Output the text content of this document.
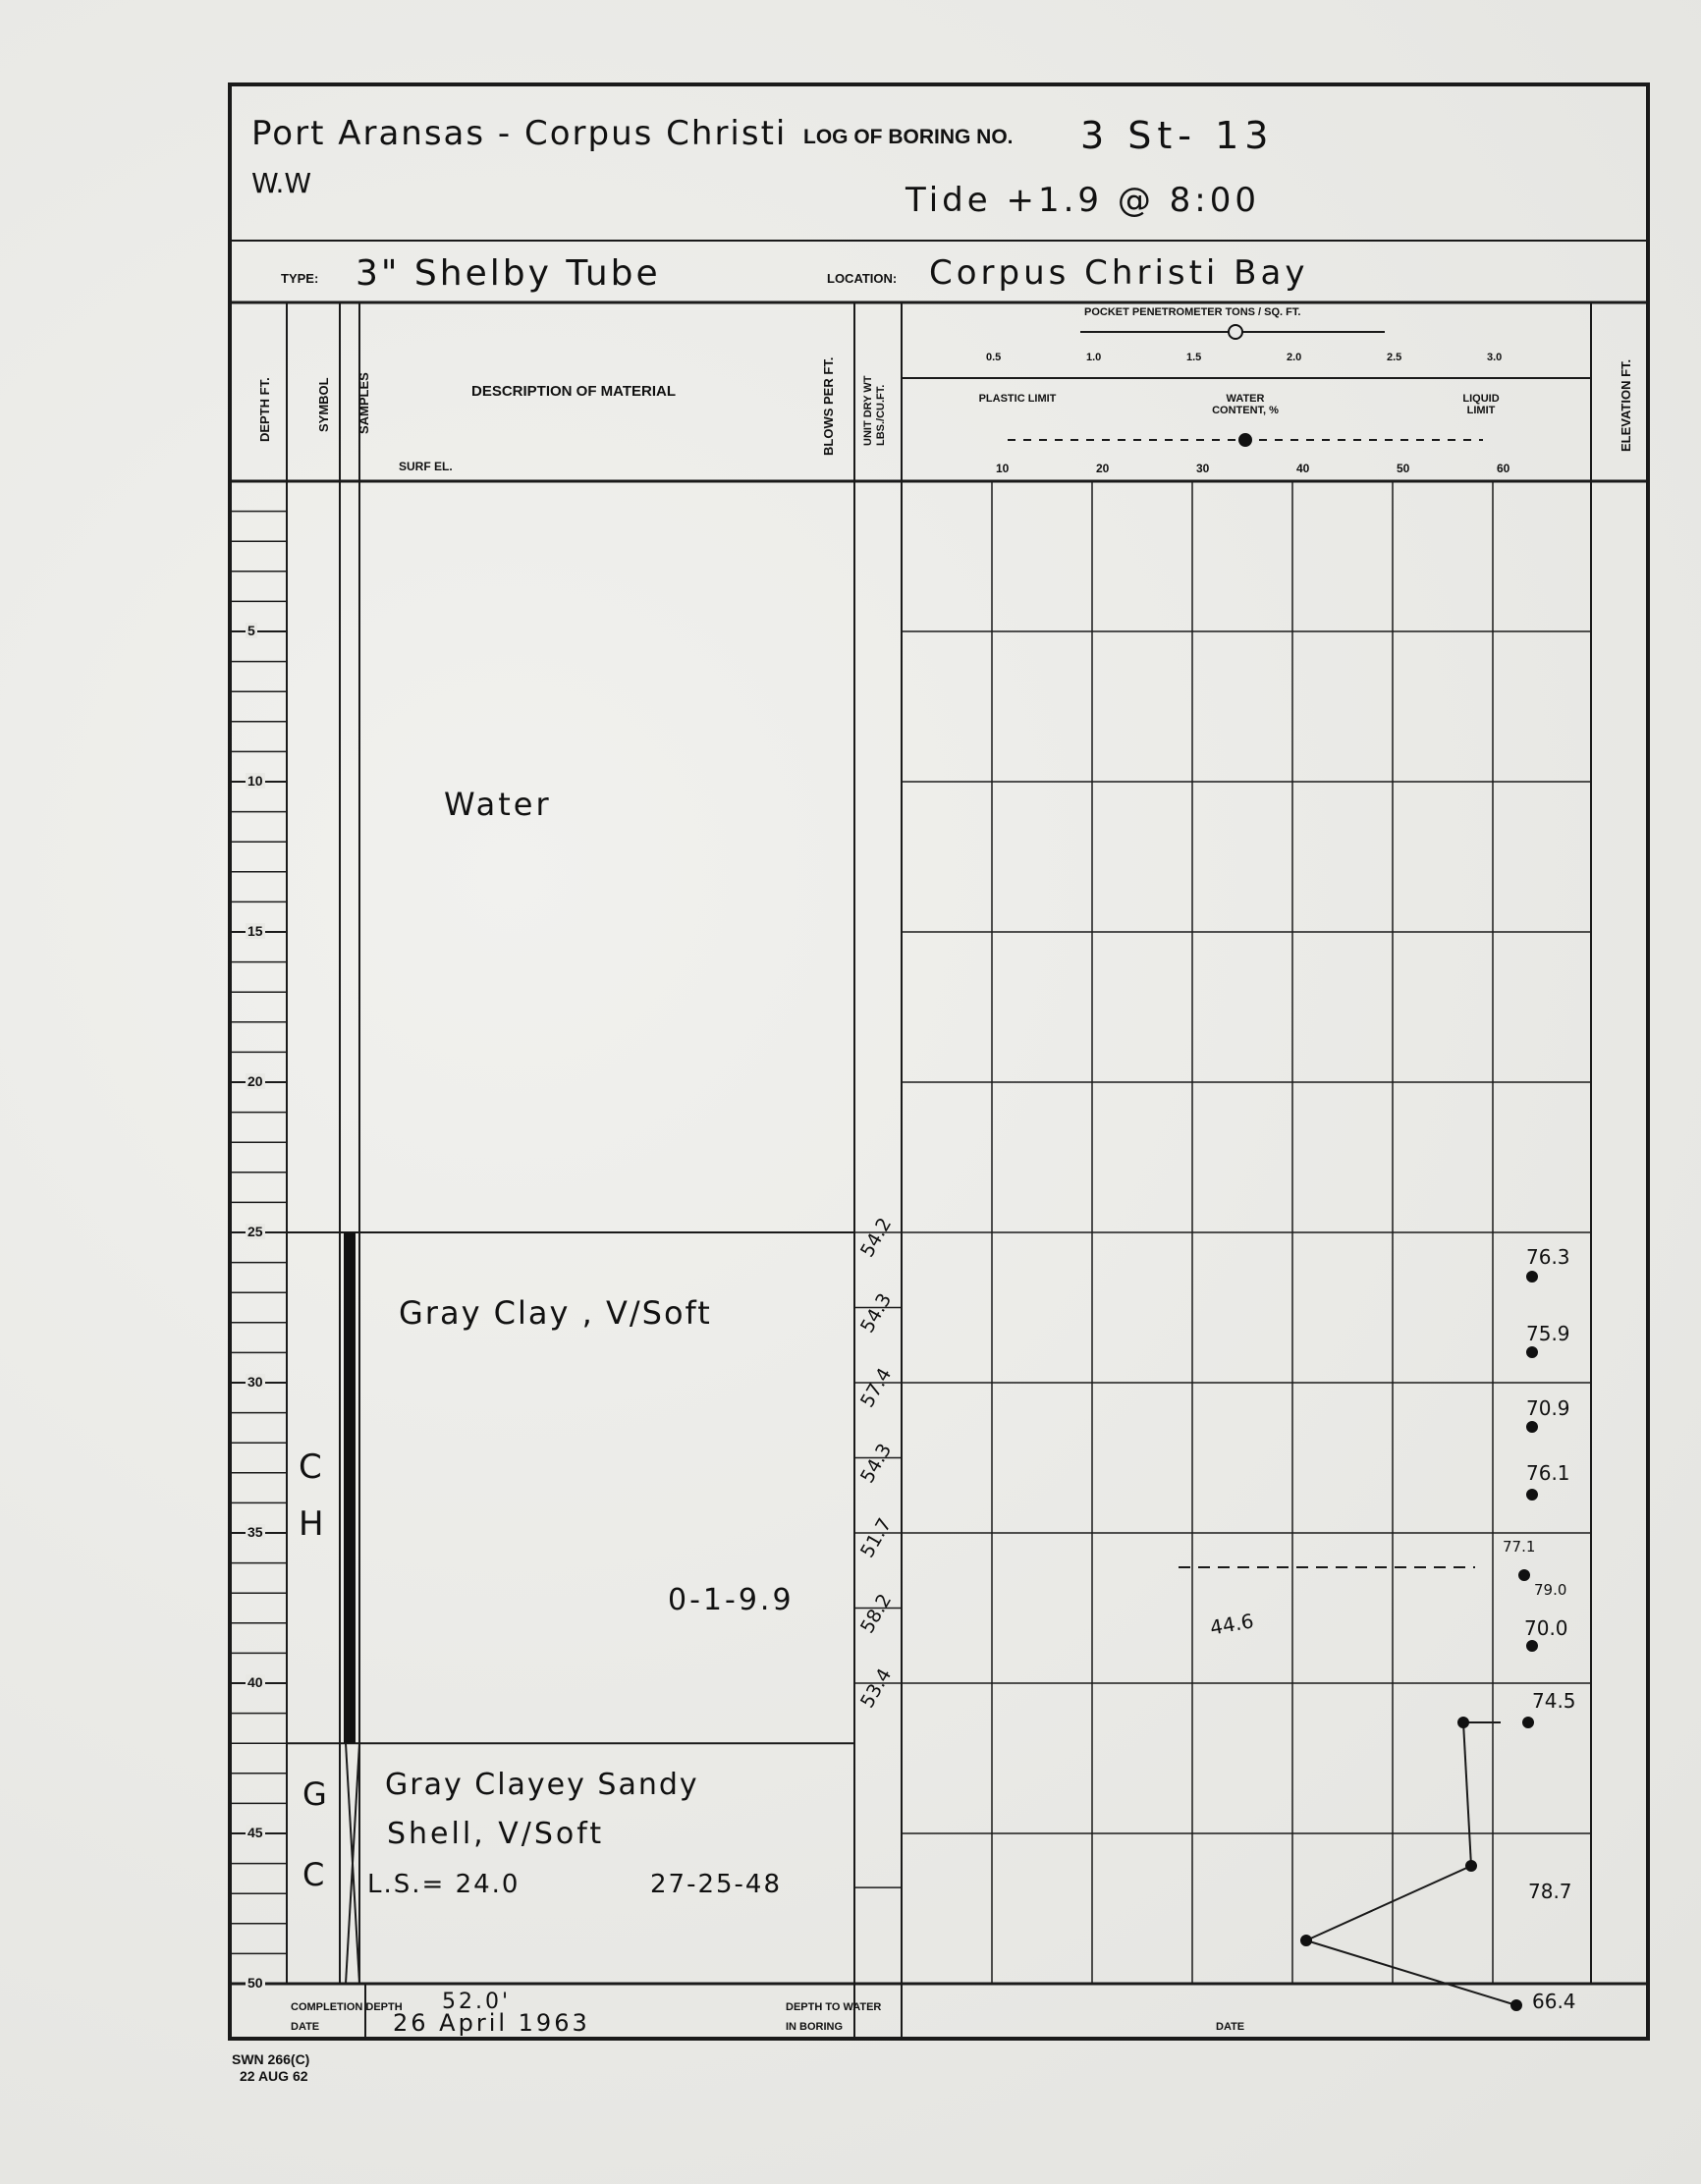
Port Aransas - Corpus Christi
W.W
LOG OF BORING NO. 3 St- 13
Tide +1.9 @ 8:00
TYPE: 3" Shelby Tube	LOCATION: Corpus Christi Bay
DEPTH FT.	SYMBOL SAMPLES	BLOWS PER FT. UNIT DRY WT LBS./CU.FT.	ELEVATION FT.
DESCRIPTION OF MATERIAL
SURF EL.
POCKET PENETROMETER TONS / SQ. FT.
PLASTIC LIMIT	WATER CONTENT, %
LIQUID LIMIT
0.5	1.0	1.5	2.0	2.5	3.0
10	20	30	40	50	60
5
10
15
20
25
30
35
40
45
50
Water
Gray Clay , V/Soft
C
H
0-1-9.9
Gray Clayey Sandy
Shell, V/Soft
G
C L.S.= 24.0	27-25-48
54.2
54.3
57.4
54.3
51.7
58.2
53.4
76.3
75.9
70.9
76.1
77.1
79.0
70.0
74.5
78.7
66.4
44.6
COMPLETION DEPTH 52.0'
DATE	26 April 1963
DEPTH TO WATER
IN BORING	DATE
SWN 266(C)
22 AUG 62
